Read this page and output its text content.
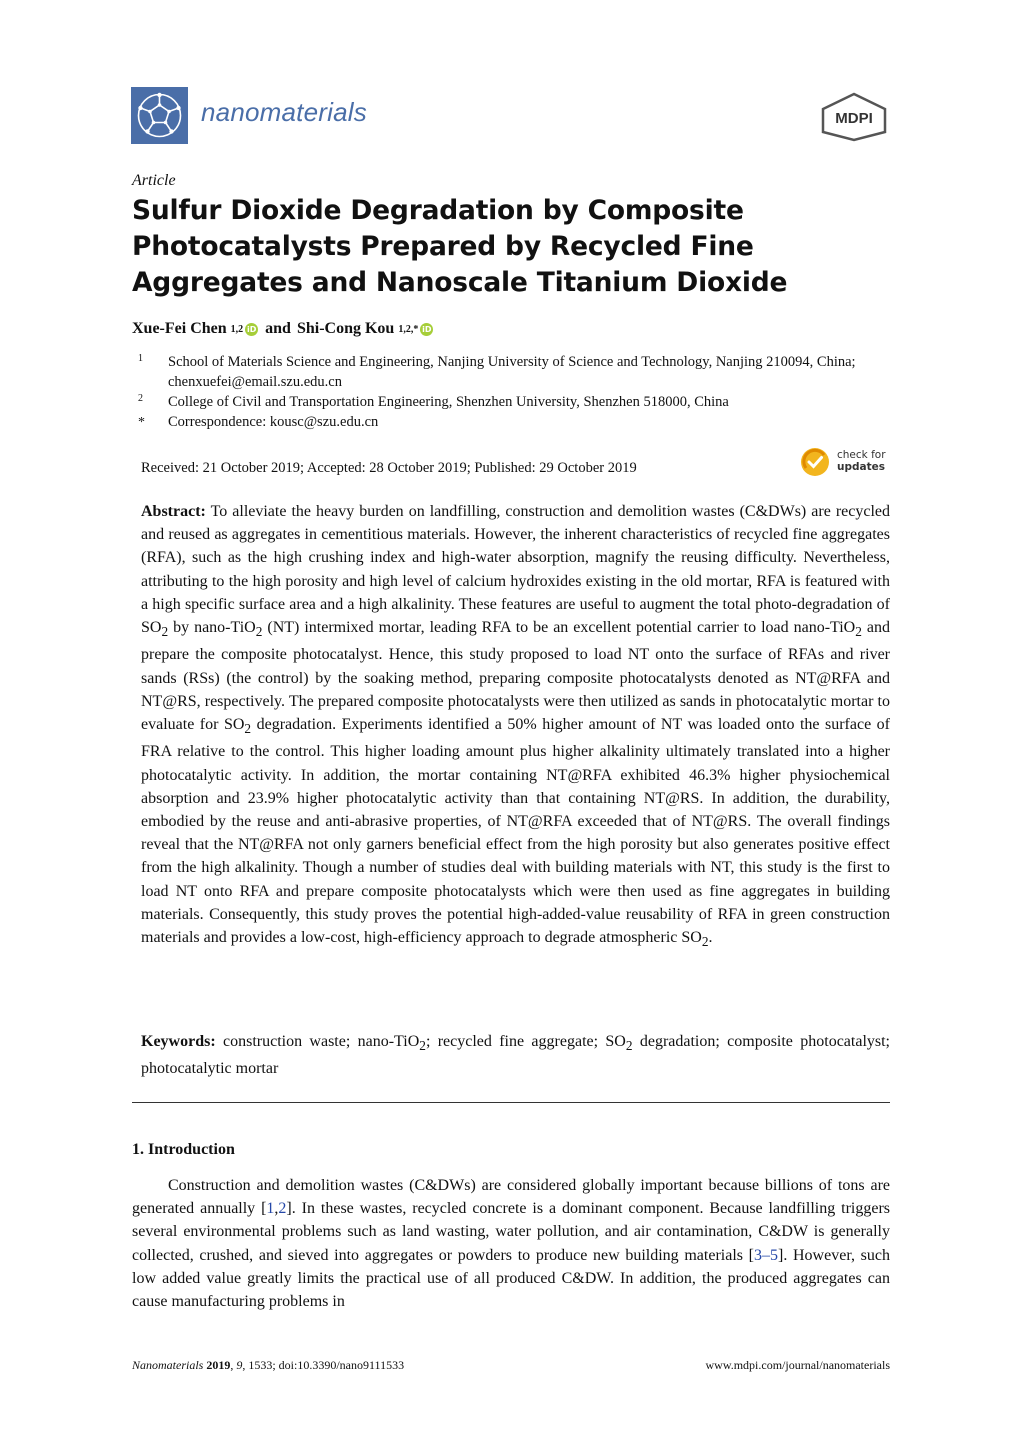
nanomaterials	MDPI
Article
Sulfur Dioxide Degradation by Composite Photocatalysts Prepared by Recycled Fine Aggregates and Nanoscale Titanium Dioxide
Xue-Fei Chen 1,2 iD and Shi-Cong Kou 1,2,* iD
1 School of Materials Science and Engineering, Nanjing University of Science and Technology, Nanjing 210094, China; chenxuefei@email.szu.edu.cn
2 College of Civil and Transportation Engineering, Shenzhen University, Shenzhen 518000, China
* Correspondence: kousc@szu.edu.cn
Received: 21 October 2019; Accepted: 28 October 2019; Published: 29 October 2019
check for
updates

Abstract: To alleviate the heavy burden on landfilling, construction and demolition wastes (C&DWs) are recycled and reused as aggregates in cementitious materials. However, the inherent characteristics of recycled fine aggregates (RFA), such as the high crushing index and high-water absorption, magnify the reusing difficulty. Nevertheless, attributing to the high porosity and high level of calcium hydroxides existing in the old mortar, RFA is featured with a high specific surface area and a high alkalinity. These features are useful to augment the total photo-degradation of $SO_2$ by nano-TiO$_2$ (NT) intermixed mortar, leading RFA to be an excellent potential carrier to load nano-TiO$_2$ and prepare the composite photocatalyst. Hence, this study proposed to load NT onto the surface of RFAs and river sands (RSs) (the control) by the soaking method, preparing composite photocatalysts denoted as NT@RFA and NT@RS, respectively. The prepared composite photocatalysts were then utilized as sands in photocatalytic mortar to evaluate for $SO_2$ degradation. Experiments identified a 50% higher amount of NT was loaded onto the surface of FRA relative to the control. This higher loading amount plus higher alkalinity ultimately translated into a higher photocatalytic activity. In addition, the mortar containing NT@RFA exhibited 46.3% higher physiochemical absorption and 23.9% higher photocatalytic activity than that containing NT@RS. In addition, the durability, embodied by the reuse and anti-abrasive properties, of NT@RFA exceeded that of NT@RS. The overall findings reveal that the NT@RFA not only garners beneficial effect from the high porosity but also generates positive effect from the high alkalinity. Though a number of studies deal with building materials with NT, this study is the first to load NT onto RFA and prepare composite photocatalysts which were then used as fine aggregates in building materials. Consequently, this study proves the potential high-added-value reusability of RFA in green construction materials and provides a low-cost, high-efficiency approach to degrade atmospheric $SO_2$.

Keywords: construction waste; nano-TiO$_2$; recycled fine aggregate; $SO_2$ degradation; composite photocatalyst; photocatalytic mortar

1. Introduction

Construction and demolition wastes (C&DWs) are considered globally important because billions of tons are generated annually [1,2]. In these wastes, recycled concrete is a dominant component. Because landfilling triggers several environmental problems such as land wasting, water pollution, and air contamination, C&DW is generally collected, crushed, and sieved into aggregates or powders to produce new building materials [3–5]. However, such low added value greatly limits the practical use of all produced C&DW. In addition, the produced aggregates can cause manufacturing problems in

Nanomaterials 2019, 9, 1533; doi:10.3390/nano9111533	www.mdpi.com/journal/nanomaterials
